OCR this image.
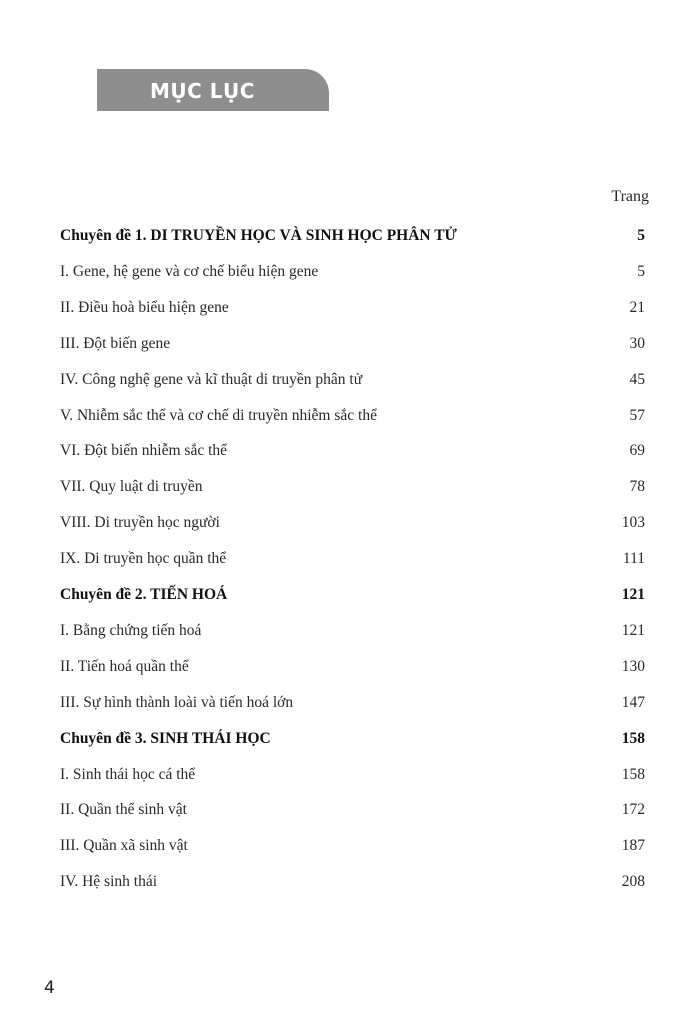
MỤC LỤC
Trang
Chuyên đề 1. DI TRUYỀN HỌC VÀ SINH HỌC PHÂN TỬ	5
I. Gene, hệ gene và cơ chế biểu hiện gene	5
II. Điều hoà biểu hiện gene	21
III. Đột biến gene	30
IV. Công nghệ gene và kĩ thuật di truyền phân tử	45
V. Nhiễm sắc thể và cơ chế di truyền nhiễm sắc thể	57
VI. Đột biến nhiễm sắc thể	69
VII. Quy luật di truyền	78
VIII. Di truyền học người	103
IX. Di truyền học quần thể	111
Chuyên đề 2. TIẾN HOÁ	121
I. Bằng chứng tiến hoá	121
II. Tiến hoá quần thể	130
III. Sự hình thành loài và tiến hoá lớn	147
Chuyên đề 3. SINH THÁI HỌC	158
I. Sinh thái học cá thể	158
II. Quần thể sinh vật	172
III. Quần xã sinh vật	187
IV. Hệ sinh thái	208
4
